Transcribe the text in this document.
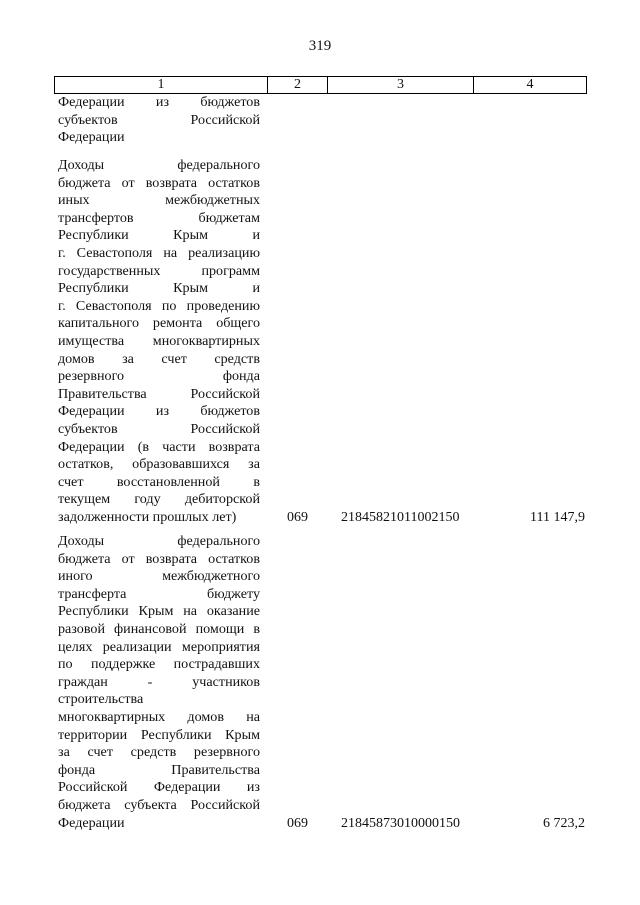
319
1	2	3	4
Федерации из бюджетов
субъектов Российской
Федерации
Доходы федерального
бюджета от возврата остатков
иных межбюджетных
трансфертов бюджетам
Республики Крым и
г. Севастополя на реализацию
государственных программ
Республики Крым и
г. Севастополя по проведению
капитального ремонта общего
имущества многоквартирных
домов за счет средств
резервного фонда
Правительства Российской
Федерации из бюджетов
субъектов Российской
Федерации (в части возврата
остатков, образовавшихся за
счет восстановленной в
текущем году дебиторской
задолженности прошлых лет)	069 21845821011002150	111 147,9
Доходы федерального
бюджета от возврата остатков
иного межбюджетного
трансферта бюджету
Республики Крым на оказание
разовой финансовой помощи в
целях реализации мероприятия
по поддержке пострадавших
граждан - участников
строительства
многоквартирных домов на
территории Республики Крым
за счет средств резервного
фонда Правительства
Российской Федерации из
бюджета субъекта Российской
Федерации	069 21845873010000150	6 723,2
